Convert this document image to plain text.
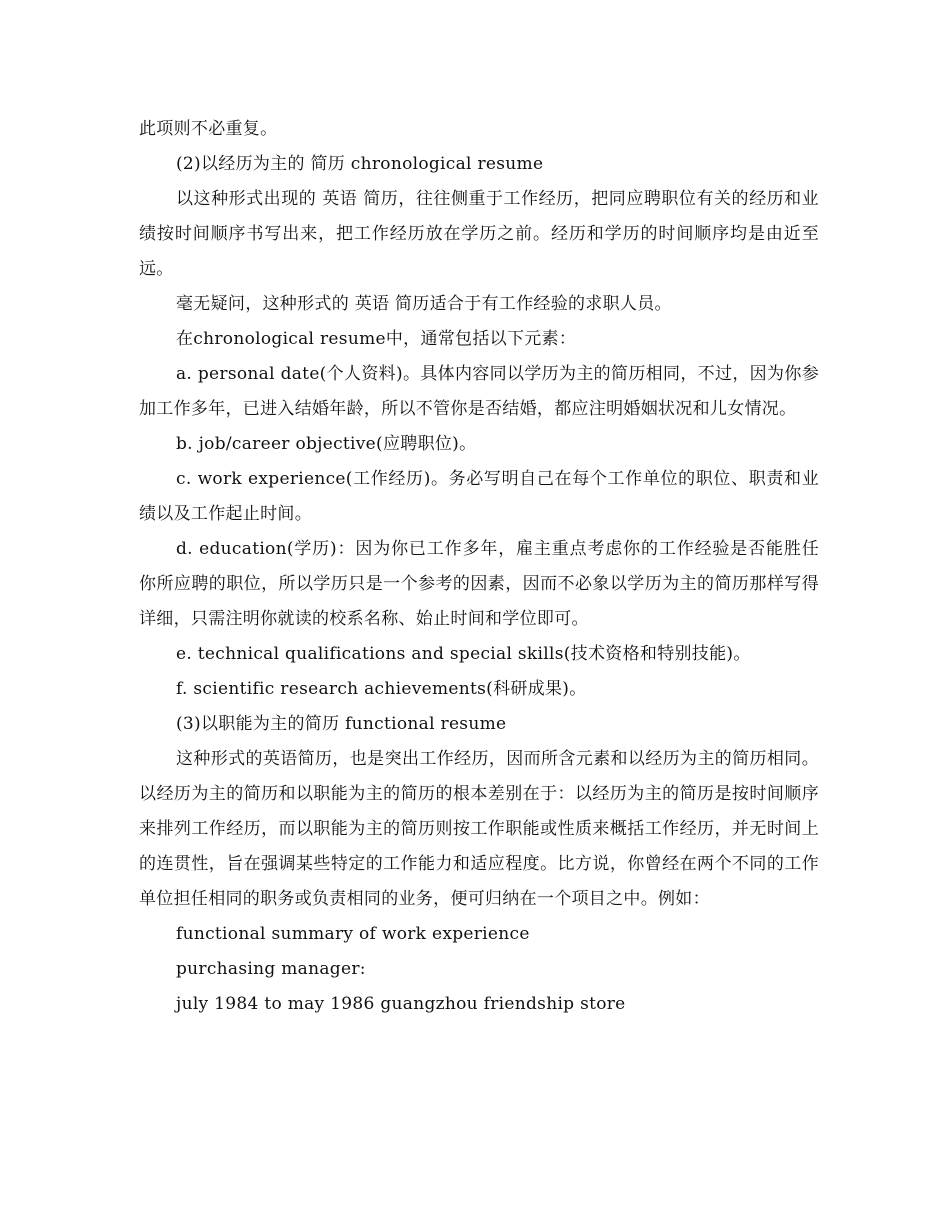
此项则不必重复。

(2)以经历为主的 简历 chronological resume

以这种形式出现的 英语 简历，往往侧重于工作经历，把同应聘职位有关的经历和业绩按时间顺序书写出来，把工作经历放在学历之前。经历和学历的时间顺序均是由近至远。

毫无疑问，这种形式的 英语 简历适合于有工作经验的求职人员。

在chronological resume中，通常包括以下元素：

a. personal date(个人资料)。具体内容同以学历为主的简历相同，不过，因为你参加工作多年，已进入结婚年龄，所以不管你是否结婚，都应注明婚姻状况和儿女情况。

b. job/career objective(应聘职位)。

c. work experience(工作经历)。务必写明自己在每个工作单位的职位、职责和业绩以及工作起止时间。

d. education(学历)：因为你已工作多年，雇主重点考虑你的工作经验是否能胜任你所应聘的职位，所以学历只是一个参考的因素，因而不必象以学历为主的简历那样写得详细，只需注明你就读的校系名称、始止时间和学位即可。

e. technical qualifications and special skills(技术资格和特别技能)。

f. scientific research achievements(科研成果)。

(3)以职能为主的简历 functional resume

这种形式的英语简历，也是突出工作经历，因而所含元素和以经历为主的简历相同。以经历为主的简历和以职能为主的简历的根本差别在于：以经历为主的简历是按时间顺序来排列工作经历，而以职能为主的简历则按工作职能或性质来概括工作经历，并无时间上的连贯性，旨在强调某些特定的工作能力和适应程度。比方说，你曾经在两个不同的工作单位担任相同的职务或负责相同的业务，便可归纳在一个项目之中。例如：

functional summary of work experience

purchasing manager:

july 1984 to may 1986 guangzhou friendship store
